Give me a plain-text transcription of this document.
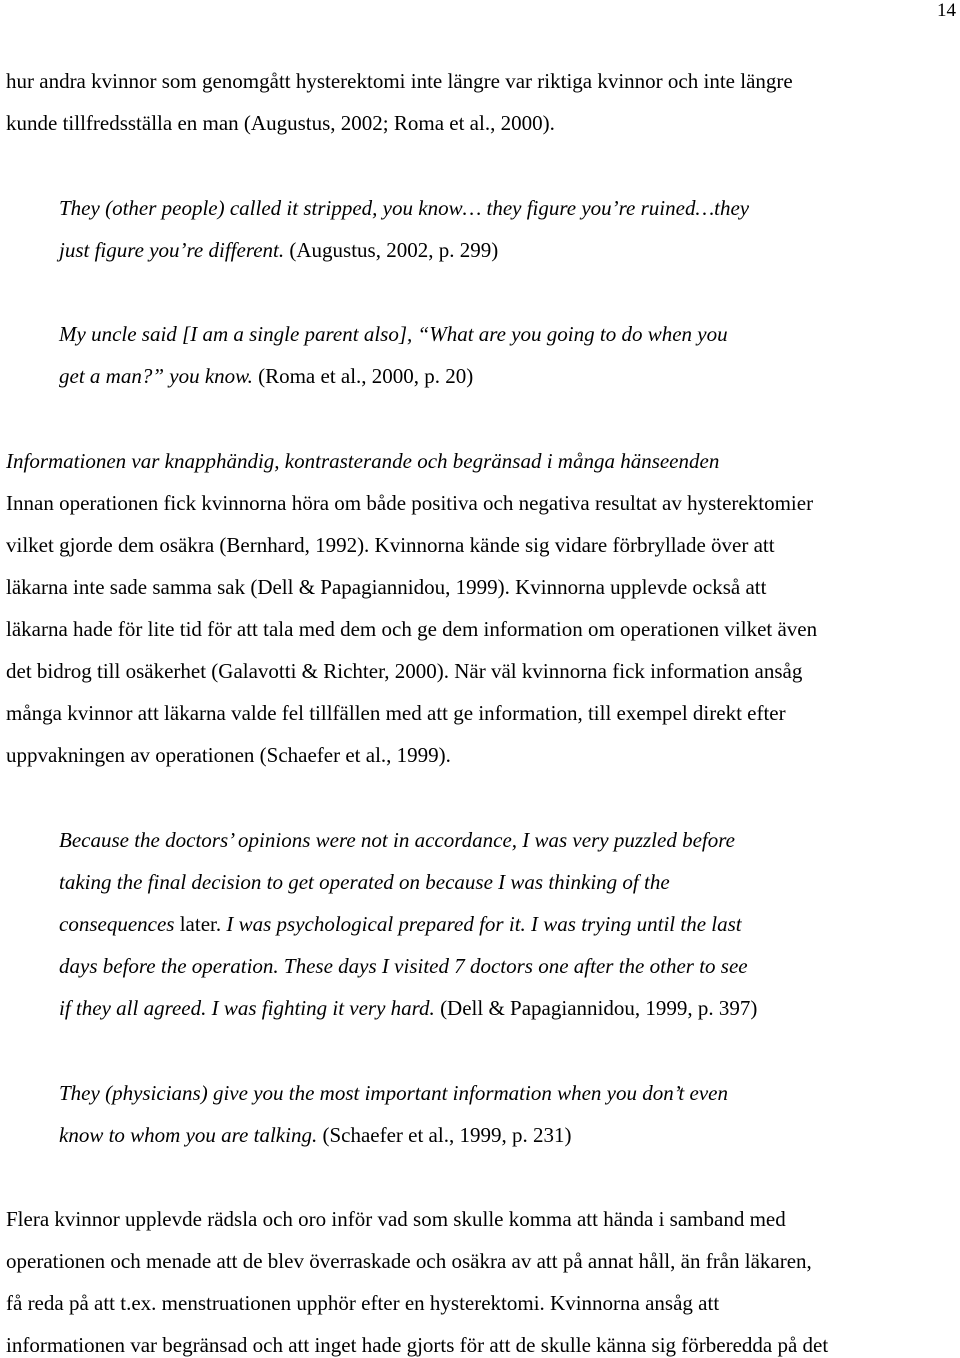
14
hur andra kvinnor som genomgått hysterektomi inte längre var riktiga kvinnor och inte längre
kunde tillfredsställa en man (Augustus, 2002; Roma et al., 2000).
They (other people) called it stripped, you know… they figure you’re ruined…they
just figure you’re different. (Augustus, 2002, p. 299)
My uncle said [I am a single parent also], “What are you going to do when you
get a man?” you know. (Roma et al., 2000, p. 20)
Informationen var knapphändig, kontrasterande och begränsad i många hänseenden
Innan operationen fick kvinnorna höra om både positiva och negativa resultat av hysterektomier
vilket gjorde dem osäkra (Bernhard, 1992). Kvinnorna kände sig vidare förbryllade över att
läkarna inte sade samma sak (Dell & Papagiannidou, 1999). Kvinnorna upplevde också att
läkarna hade för lite tid för att tala med dem och ge dem information om operationen vilket även
det bidrog till osäkerhet (Galavotti & Richter, 2000). När väl kvinnorna fick information ansåg
många kvinnor att läkarna valde fel tillfällen med att ge information, till exempel direkt efter
uppvakningen av operationen (Schaefer et al., 1999).
Because the doctors’ opinions were not in accordance, I was very puzzled before
taking the final decision to get operated on because I was thinking of the
consequences later. I was psychological prepared for it. I was trying until the last
days before the operation. These days I visited 7 doctors one after the other to see
if they all agreed. I was fighting it very hard. (Dell & Papagiannidou, 1999, p. 397)
They (physicians) give you the most important information when you don’t even
know to whom you are talking. (Schaefer et al., 1999, p. 231)
Flera kvinnor upplevde rädsla och oro inför vad som skulle komma att hända i samband med
operationen och menade att de blev överraskade och osäkra av att på annat håll, än från läkaren,
få reda på att t.ex. menstruationen upphör efter en hysterektomi. Kvinnorna ansåg att
informationen var begränsad och att inget hade gjorts för att de skulle känna sig förberedda på det
